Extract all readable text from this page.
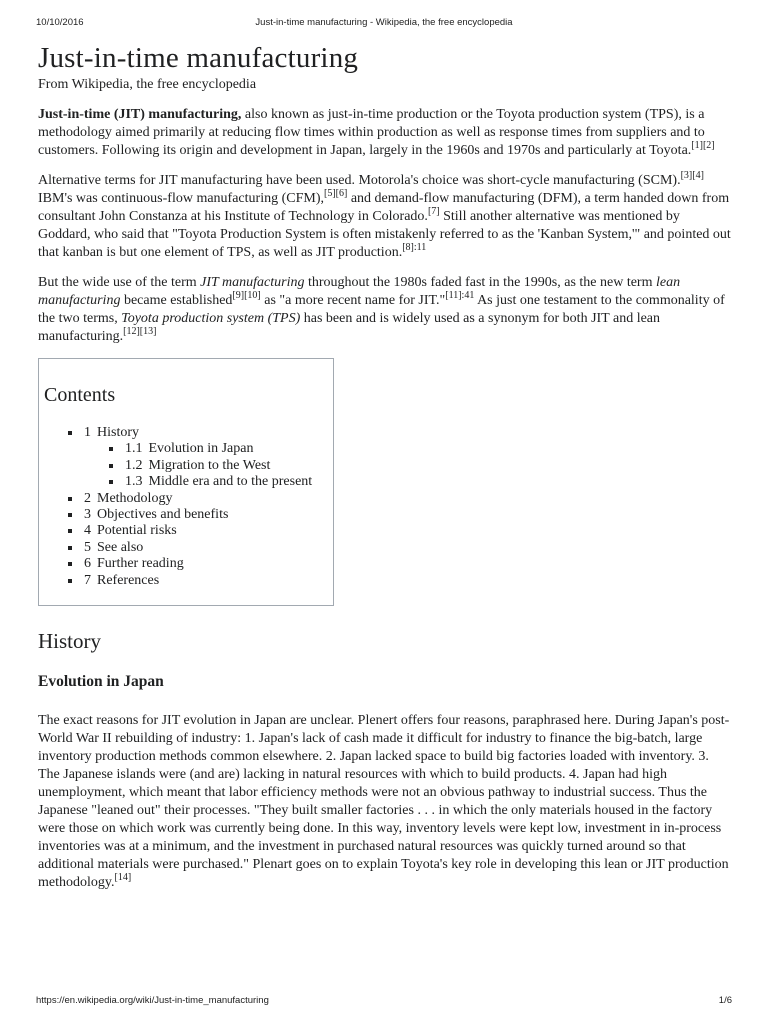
10/10/2016	Just-in-time manufacturing - Wikipedia, the free encyclopedia
Just-in-time manufacturing
From Wikipedia, the free encyclopedia

Just-in-time (JIT) manufacturing, also known as just-in-time production or the Toyota production system (TPS), is a methodology aimed primarily at reducing flow times within production as well as response times from suppliers and to customers. Following its origin and development in Japan, largely in the 1960s and 1970s and particularly at Toyota.[1][2]

Alternative terms for JIT manufacturing have been used. Motorola's choice was short-cycle manufacturing (SCM).[3][4] IBM's was continuous-flow manufacturing (CFM),[5][6] and demand-flow manufacturing (DFM), a term handed down from consultant John Constanza at his Institute of Technology in Colorado.[7] Still another alternative was mentioned by Goddard, who said that "Toyota Production System is often mistakenly referred to as the 'Kanban System,'" and pointed out that kanban is but one element of TPS, as well as JIT production.$^{[8]:11}$

But the wide use of the term JIT manufacturing throughout the 1980s faded fast in the 1990s, as the new term lean manufacturing became established[9][10] as "a more recent name for JIT."$^{[11]:41}$ As just one testament to the commonality of the two terms, Toyota production system (TPS) has been and is widely used as a synonym for both JIT and lean manufacturing.[12][13]

Contents
1 History
1.1 Evolution in Japan
1.2 Migration to the West
1.3 Middle era and to the present
2 Methodology
3 Objectives and benefits
4 Potential risks
5 See also
6 Further reading
7 References
History
Evolution in Japan

The exact reasons for JIT evolution in Japan are unclear. Plenert offers four reasons, paraphrased here. During Japan's post-World War II rebuilding of industry: 1. Japan's lack of cash made it difficult for industry to finance the big-batch, large inventory production methods common elsewhere. 2. Japan lacked space to build big factories loaded with inventory. 3. The Japanese islands were (and are) lacking in natural resources with which to build products. 4. Japan had high unemployment, which meant that labor efficiency methods were not an obvious pathway to industrial success. Thus the Japanese "leaned out" their processes. "They built smaller factories . . . in which the only materials housed in the factory were those on which work was currently being done. In this way, inventory levels were kept low, investment in in-process inventories was at a minimum, and the investment in purchased natural resources was quickly turned around so that additional materials were purchased." Plenart goes on to explain Toyota's key role in developing this lean or JIT production methodology.[14]

https://en.wikipedia.org/wiki/Just-in-time_manufacturing	1/6
